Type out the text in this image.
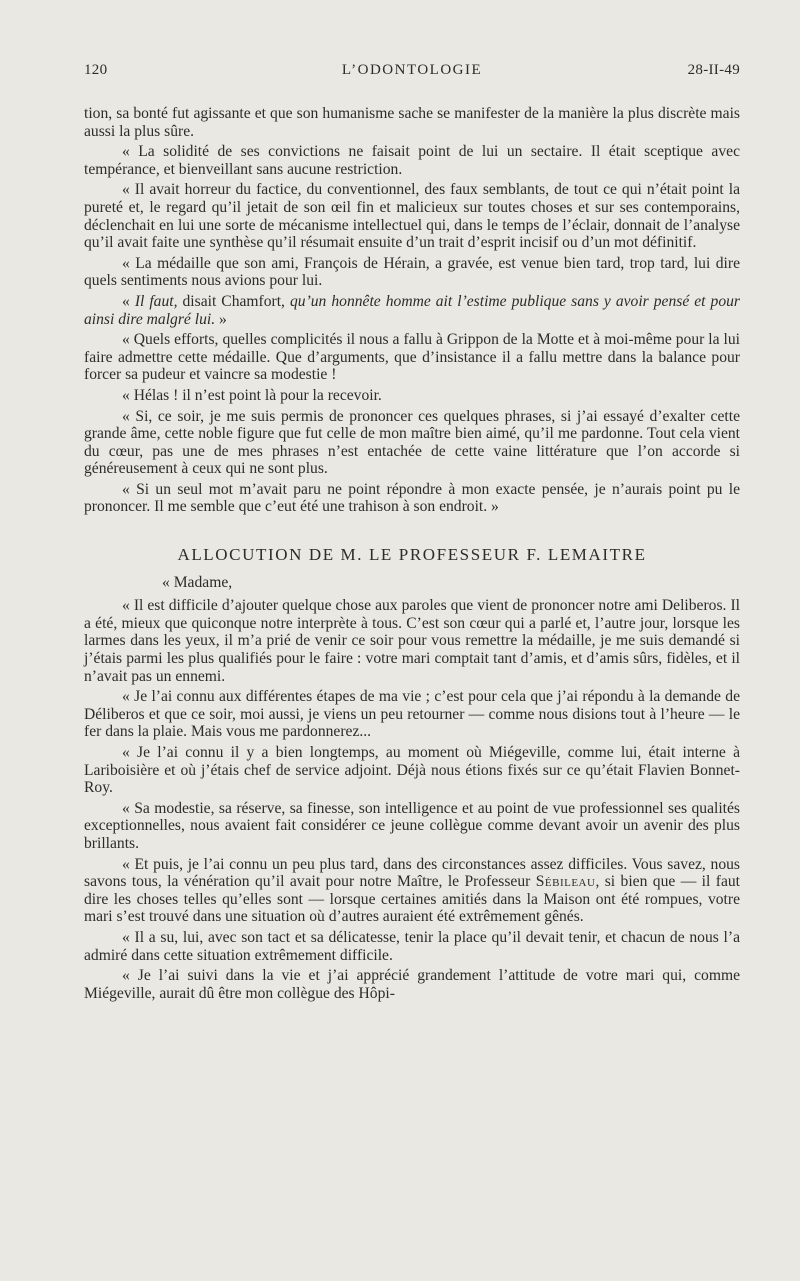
120	L’ODONTOLOGIE	28-II-49

tion, sa bonté fut agissante et que son humanisme sache se manifester de la manière la plus discrète mais aussi la plus sûre.

« La solidité de ses convictions ne faisait point de lui un sectaire. Il était sceptique avec tempérance, et bienveillant sans aucune restriction.

« Il avait horreur du factice, du conventionnel, des faux semblants, de tout ce qui n’était point la pureté et, le regard qu’il jetait de son œil fin et malicieux sur toutes choses et sur ses contemporains, déclenchait en lui une sorte de mécanisme intellectuel qui, dans le temps de l’éclair, donnait de l’analyse qu’il avait faite une synthèse qu’il résumait ensuite d’un trait d’esprit incisif ou d’un mot définitif.

« La médaille que son ami, François de Hérain, a gravée, est venue bien tard, trop tard, lui dire quels sentiments nous avions pour lui.

« Il faut, disait Chamfort, qu’un honnête homme ait l’estime publique sans y avoir pensé et pour ainsi dire malgré lui. »

« Quels efforts, quelles complicités il nous a fallu à Grippon de la Motte et à moi-même pour la lui faire admettre cette médaille. Que d’arguments, que d’insistance il a fallu mettre dans la balance pour forcer sa pudeur et vaincre sa modestie !

« Hélas ! il n’est point là pour la recevoir.

« Si, ce soir, je me suis permis de prononcer ces quelques phrases, si j’ai essayé d’exalter cette grande âme, cette noble figure que fut celle de mon maître bien aimé, qu’il me pardonne. Tout cela vient du cœur, pas une de mes phrases n’est entachée de cette vaine littérature que l’on accorde si généreusement à ceux qui ne sont plus.

« Si un seul mot m’avait paru ne point répondre à mon exacte pensée, je n’aurais point pu le prononcer. Il me semble que c’eut été une trahison à son endroit. »

ALLOCUTION DE M. LE PROFESSEUR F. LEMAITRE

« Madame,

« Il est difficile d’ajouter quelque chose aux paroles que vient de prononcer notre ami Deliberos. Il a été, mieux que quiconque notre interprète à tous. C’est son cœur qui a parlé et, l’autre jour, lorsque les larmes dans les yeux, il m’a prié de venir ce soir pour vous remettre la médaille, je me suis demandé si j’étais parmi les plus qualifiés pour le faire : votre mari comptait tant d’amis, et d’amis sûrs, fidèles, et il n’avait pas un ennemi.

« Je l’ai connu aux différentes étapes de ma vie ; c’est pour cela que j’ai répondu à la demande de Déliberos et que ce soir, moi aussi, je viens un peu retourner — comme nous disions tout à l’heure — le fer dans la plaie. Mais vous me pardonnerez...

« Je l’ai connu il y a bien longtemps, au moment où Miégeville, comme lui, était interne à Lariboisière et où j’étais chef de service adjoint. Déjà nous étions fixés sur ce qu’était Flavien Bonnet-Roy.

« Sa modestie, sa réserve, sa finesse, son intelligence et au point de vue professionnel ses qualités exceptionnelles, nous avaient fait considérer ce jeune collègue comme devant avoir un avenir des plus brillants.

« Et puis, je l’ai connu un peu plus tard, dans des circonstances assez difficiles. Vous savez, nous savons tous, la vénération qu’il avait pour notre Maître, le Professeur Sébileau, si bien que — il faut dire les choses telles qu’elles sont — lorsque certaines amitiés dans la Maison ont été rompues, votre mari s’est trouvé dans une situation où d’autres auraient été extrêmement gênés.

« Il a su, lui, avec son tact et sa délicatesse, tenir la place qu’il devait tenir, et chacun de nous l’a admiré dans cette situation extrêmement difficile.

« Je l’ai suivi dans la vie et j’ai apprécié grandement l’attitude de votre mari qui, comme Miégeville, aurait dû être mon collègue des Hôpi-
